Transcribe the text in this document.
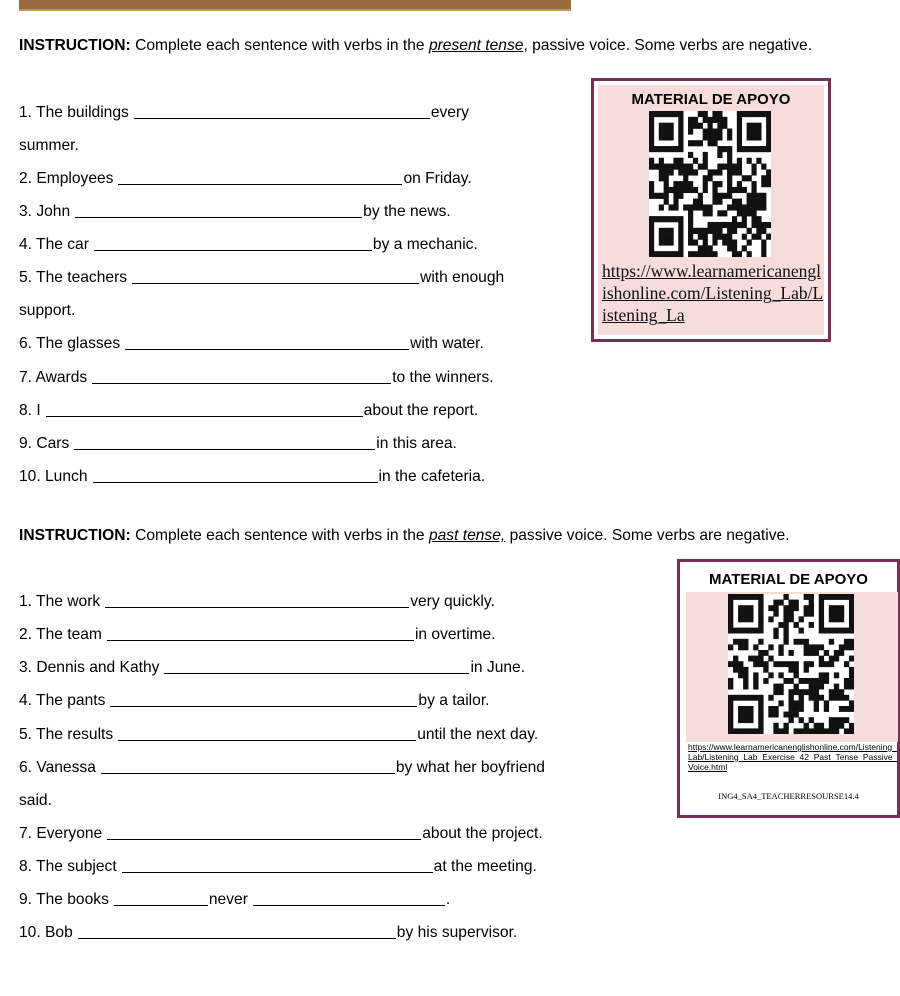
INSTRUCTION: Complete each sentence with verbs in the present tense, passive voice. Some verbs are negative.
1. The buildings	every
summer.
2. Employees	on Friday.
3. John	by the news.
4. The car	by a mechanic.
5. The teachers	with enough
support.
6. The glasses	with water.
7. Awards	to the winners.
8. I	about the report.
9. Cars	in this area.
10. Lunch	in the cafeteria.
MATERIAL DE APOYO
https://www.learnamericanenglishonline.com/Listening_Lab/Listening_La
INSTRUCTION: Complete each sentence with verbs in the past tense, passive voice. Some verbs are negative.
1. The work	very quickly.
2. The team	in overtime.
3. Dennis and Kathy	in June.
4. The pants	by a tailor.
5. The results	until the next day.
6. Vanessa	by what her boyfriend
said.
7. Everyone	about the project.
8. The subject	at the meeting.
9. The books	never	.
10. Bob	by his supervisor.
MATERIAL DE APOYO
https://www.learnamericanenglishonline.com/Listening_Lab/Listening_Lab_Exercise_42_Past_Tense_Passive_Voice.html
ING4_SA4_TEACHERRESOURSE14.4
